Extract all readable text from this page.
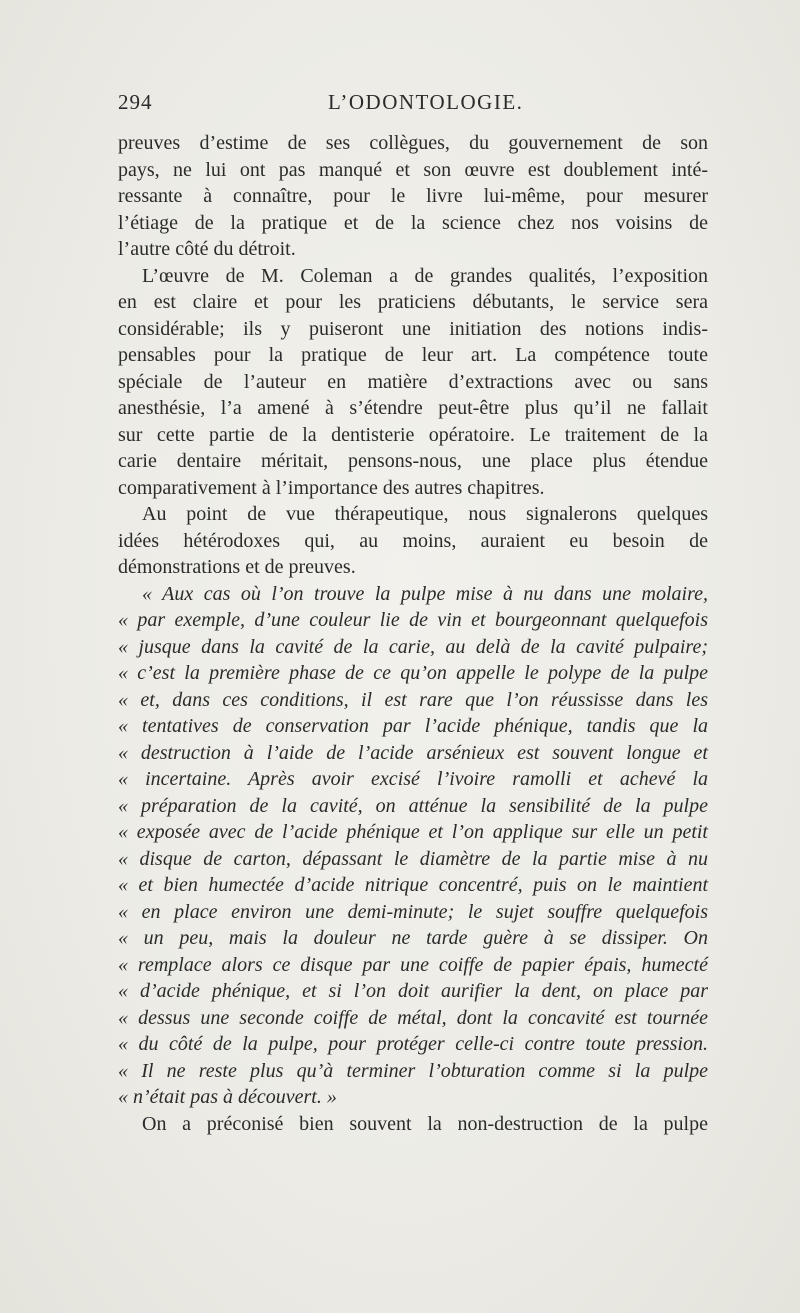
294	L’ODONTOLOGIE.
preuves d’estime de ses collègues, du gouvernement de son
pays, ne lui ont pas manqué et son œuvre est doublement inté-
ressante à connaître, pour le livre lui-même, pour mesurer
l’étiage de la pratique et de la science chez nos voisins de
l’autre côté du détroit.
L’œuvre de M. Coleman a de grandes qualités, l’exposition
en est claire et pour les praticiens débutants, le service sera
considérable; ils y puiseront une initiation des notions indis-
pensables pour la pratique de leur art. La compétence toute
spéciale de l’auteur en matière d’extractions avec ou sans
anesthésie, l’a amené à s’étendre peut-être plus qu’il ne fallait
sur cette partie de la dentisterie opératoire. Le traitement de la
carie dentaire méritait, pensons-nous, une place plus étendue
comparativement à l’importance des autres chapitres.
Au point de vue thérapeutique, nous signalerons quelques
idées hétérodoxes qui, au moins, auraient eu besoin de
démonstrations et de preuves.
« Aux cas où l’on trouve la pulpe mise à nu dans une molaire,
« par exemple, d’une couleur lie de vin et bourgeonnant quelquefois
« jusque dans la cavité de la carie, au delà de la cavité pulpaire;
« c’est la première phase de ce qu’on appelle le polype de la pulpe
« et, dans ces conditions, il est rare que l’on réussisse dans les
« tentatives de conservation par l’acide phénique, tandis que la
« destruction à l’aide de l’acide arsénieux est souvent longue et
« incertaine. Après avoir excisé l’ivoire ramolli et achevé la
« préparation de la cavité, on atténue la sensibilité de la pulpe
« exposée avec de l’acide phénique et l’on applique sur elle un petit
« disque de carton, dépassant le diamètre de la partie mise à nu
« et bien humectée d’acide nitrique concentré, puis on le maintient
« en place environ une demi-minute; le sujet souffre quelquefois
« un peu, mais la douleur ne tarde guère à se dissiper. On
« remplace alors ce disque par une coiffe de papier épais, humecté
« d’acide phénique, et si l’on doit aurifier la dent, on place par
« dessus une seconde coiffe de métal, dont la concavité est tournée
« du côté de la pulpe, pour protéger celle-ci contre toute pression.
« Il ne reste plus qu’à terminer l’obturation comme si la pulpe
« n’était pas à découvert. »
On a préconisé bien souvent la non-destruction de la pulpe
